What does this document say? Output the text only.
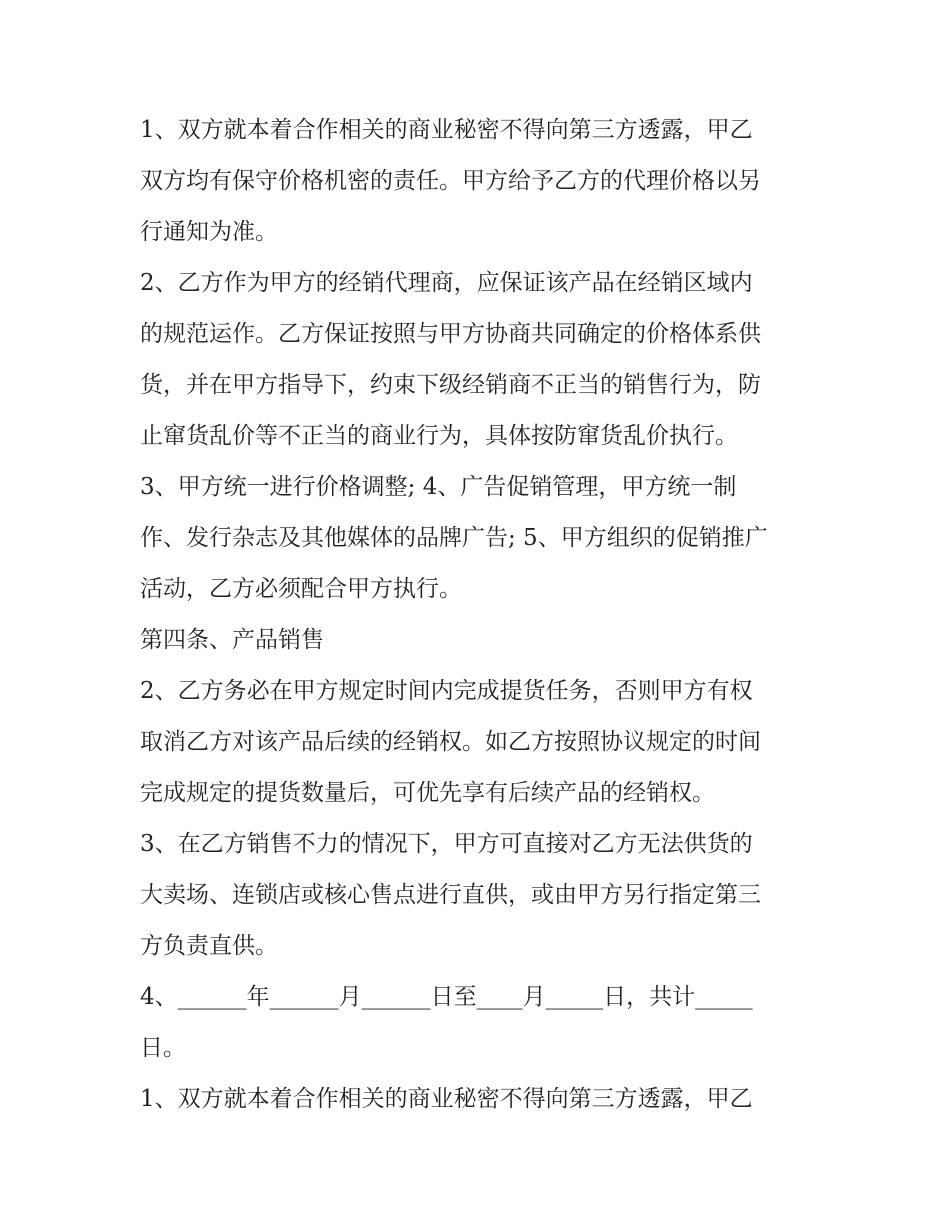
1、双方就本着合作相关的商业秘密不得向第三方透露，甲乙
双方均有保守价格机密的责任。甲方给予乙方的代理价格以另
行通知为准。
2、乙方作为甲方的经销代理商，应保证该产品在经销区域内
的规范运作。乙方保证按照与甲方协商共同确定的价格体系供
货，并在甲方指导下，约束下级经销商不正当的销售行为，防
止窜货乱价等不正当的商业行为，具体按防窜货乱价执行。
3、甲方统一进行价格调整; 4、广告促销管理，甲方统一制
作、发行杂志及其他媒体的品牌广告; 5、甲方组织的促销推广
活动，乙方必须配合甲方执行。
第四条、产品销售
2、乙方务必在甲方规定时间内完成提货任务，否则甲方有权
取消乙方对该产品后续的经销权。如乙方按照协议规定的时间
完成规定的提货数量后，可优先享有后续产品的经销权。
3、在乙方销售不力的情况下，甲方可直接对乙方无法供货的
大卖场、连锁店或核心售点进行直供，或由甲方另行指定第三
方负责直供。
4、______年______月______日至____月_____日，共计_____
日。
1、双方就本着合作相关的商业秘密不得向第三方透露，甲乙
